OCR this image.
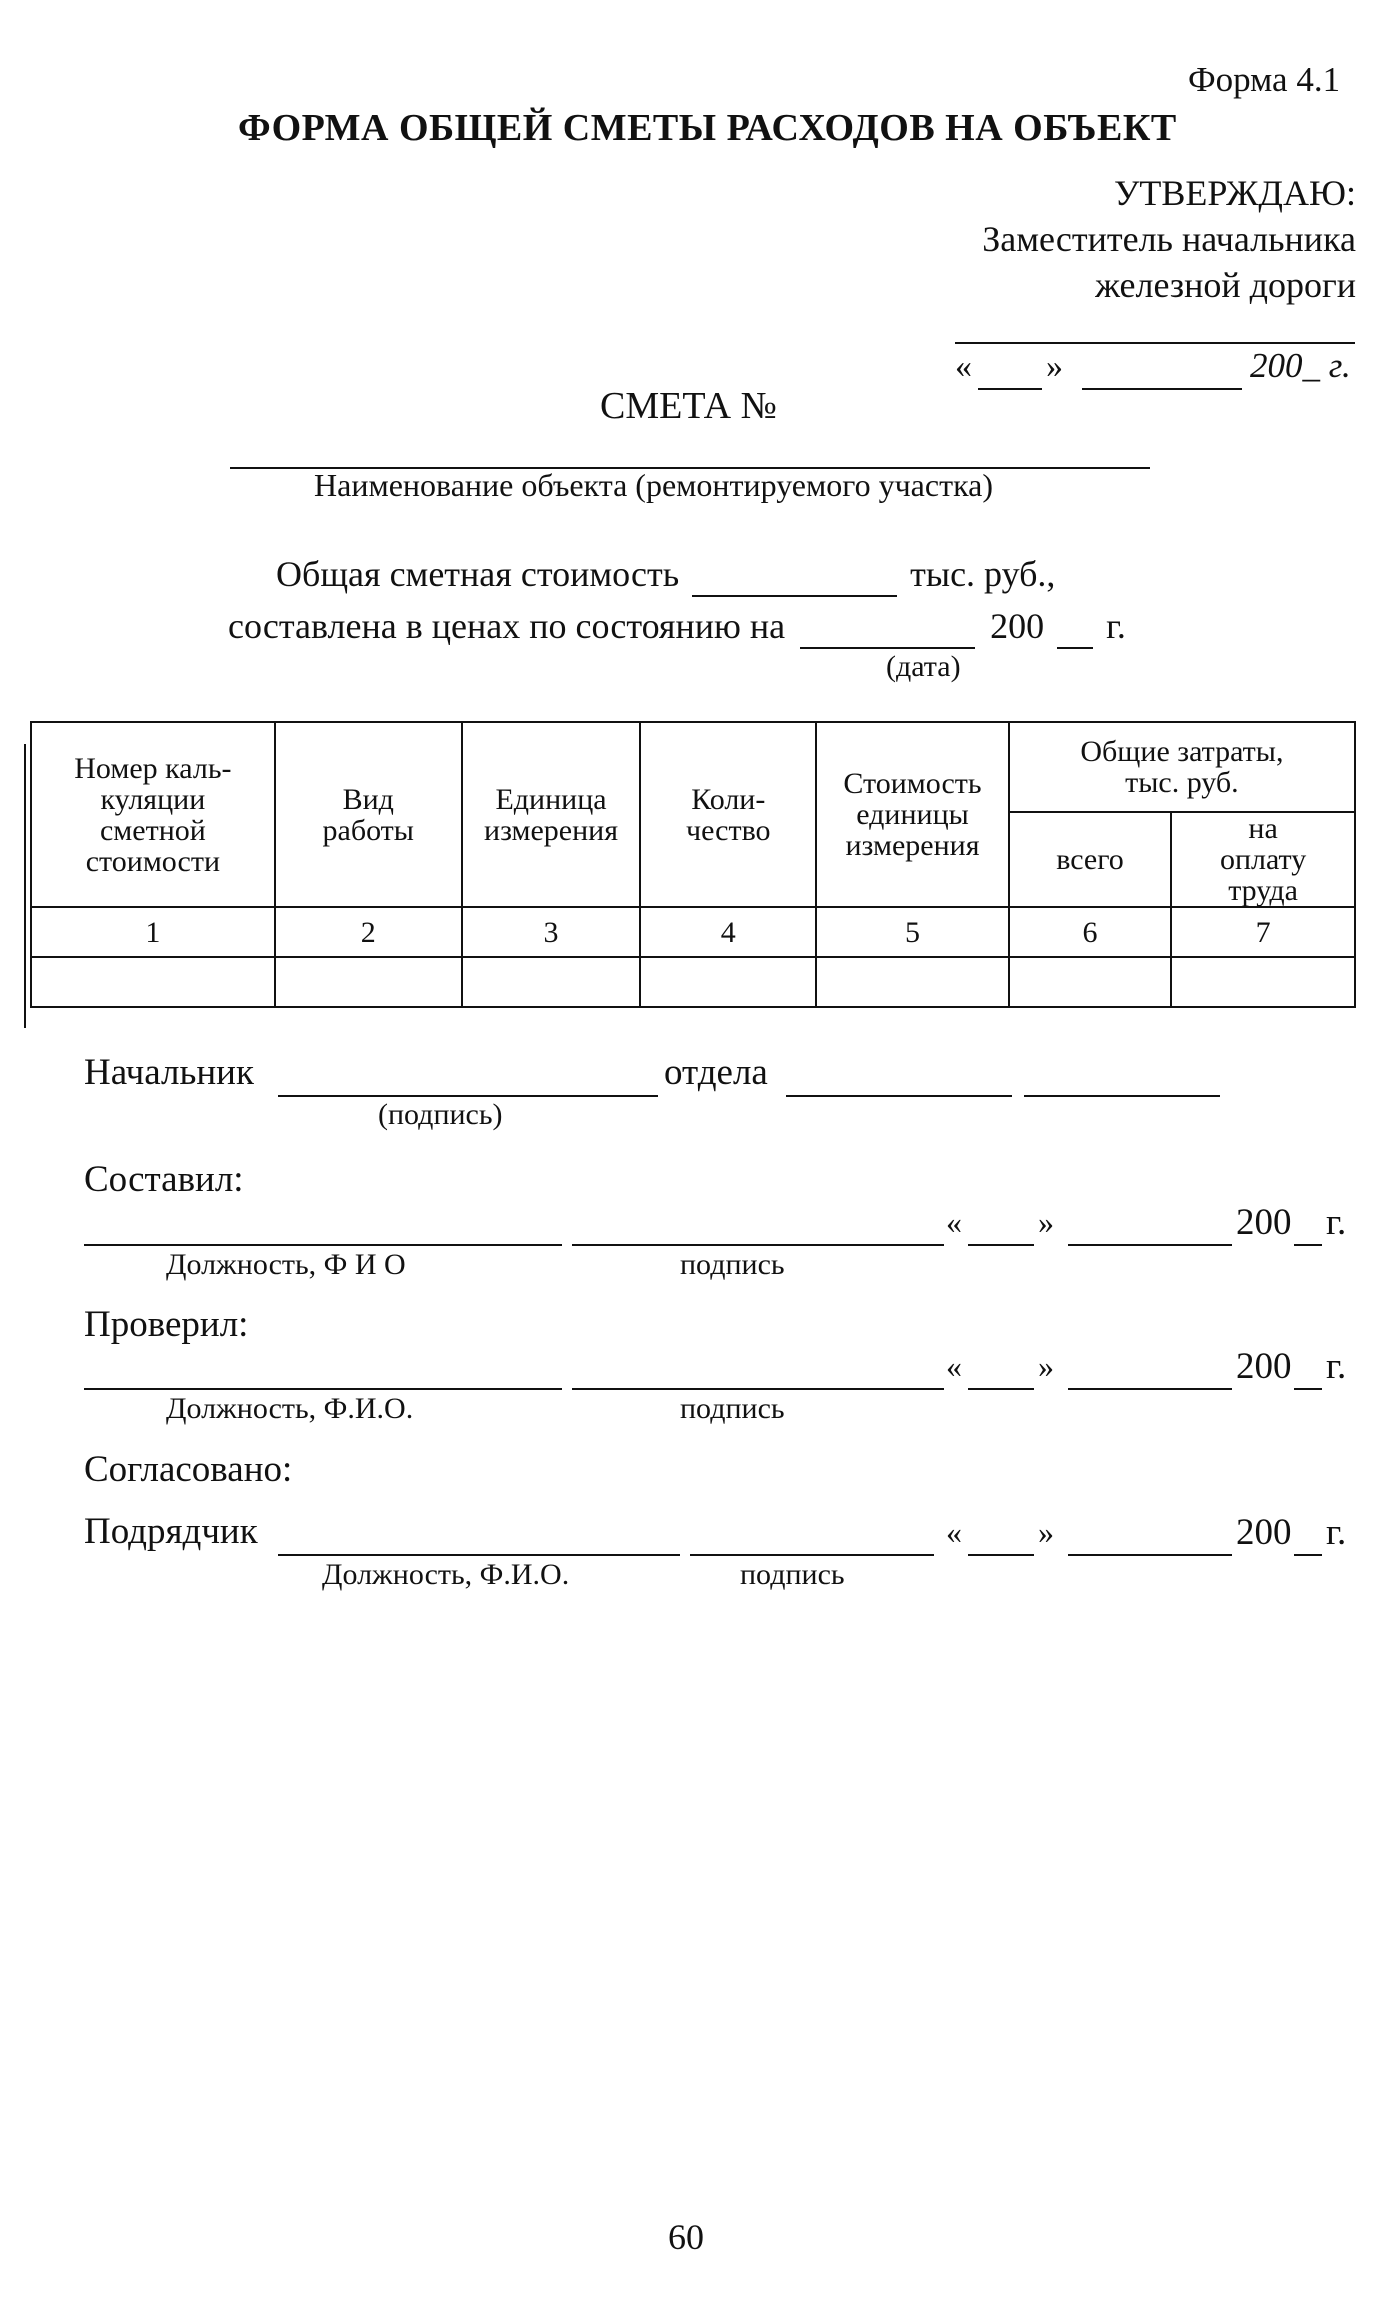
Форма 4.1
ФОРМА ОБЩЕЙ СМЕТЫ РАСХОДОВ НА ОБЪЕКТ
УТВЕРЖДАЮ:
Заместитель начальника
железной дороги
« »	200_ г.
СМЕТА №
Наименование объекта (ремонтируемого участка)
Общая сметная стоимость	тыс. руб.,
составлена в ценах по состоянию на	200 г.
(дата)
Номер каль- куляции сметной стоимости	Вид работы	Единица измерения	Коли- чество	Стоимость единицы измерения	Общие затраты, тыс. руб.	
					всего	на оплату труда
1	2	3	4	5	6	7

Начальник	отдела
(подпись)
Составил:
« »	200 г.
Должность, Ф И О	подпись
Проверил:
« »	200 г.
Должность, Ф.И.О.	подпись
Согласовано:
Подрядчик	« »	200 г.
Должность, Ф.И.О.	подпись
60
